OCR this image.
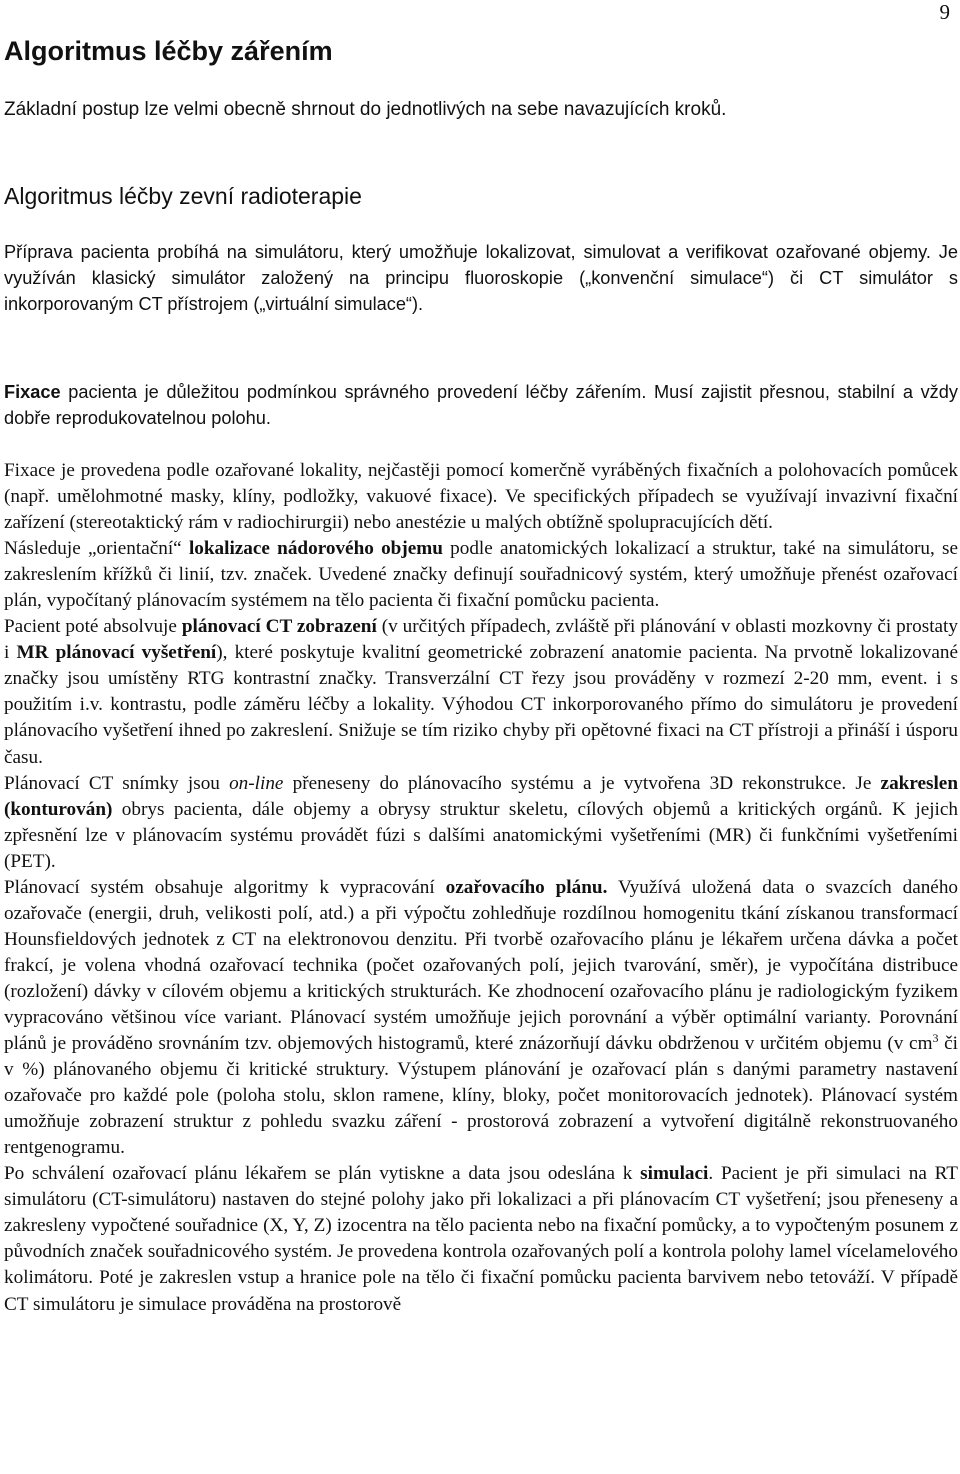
9
Algoritmus léčby zářením

Základní postup lze velmi obecně shrnout do jednotlivých na sebe navazujících kroků.

Algoritmus léčby zevní radioterapie

Příprava pacienta probíhá na simulátoru, který umožňuje lokalizovat, simulovat a verifikovat ozařované objemy. Je využíván klasický simulátor založený na principu fluoroskopie („konvenční simulace“) či CT simulátor s inkorporovaným CT přístrojem („virtuální simulace“).

Fixace pacienta je důležitou podmínkou správného provedení léčby zářením. Musí zajistit přesnou, stabilní a vždy dobře reprodukovatelnou polohu.

Fixace je provedena podle ozařované lokality, nejčastěji pomocí komerčně vyráběných fixačních a polohovacích pomůcek (např. umělohmotné masky, klíny, podložky, vakuové fixace). Ve specifických případech se využívají invazivní fixační zařízení (stereotaktický rám v radiochirurgii) nebo anestézie u malých obtížně spolupracujících dětí.

Následuje „orientační“ lokalizace nádorového objemu podle anatomických lokalizací a struktur, také na simulátoru, se zakreslením křížků či linií, tzv. značek. Uvedené značky definují souřadnicový systém, který umožňuje přenést ozařovací plán, vypočítaný plánovacím systémem na tělo pacienta či fixační pomůcku pacienta.

Pacient poté absolvuje plánovací CT zobrazení (v určitých případech, zvláště při plánování v oblasti mozkovny či prostaty i MR plánovací vyšetření), které poskytuje kvalitní geometrické zobrazení anatomie pacienta. Na prvotně lokalizované značky jsou umístěny RTG kontrastní značky. Transverzální CT řezy jsou prováděny v rozmezí 2-20 mm, event. i s použitím i.v. kontrastu, podle záměru léčby a lokality. Výhodou CT inkorporovaného přímo do simulátoru je provedení plánovacího vyšetření ihned po zakreslení. Snižuje se tím riziko chyby při opětovné fixaci na CT přístroji a přináší i úsporu času.

Plánovací CT snímky jsou on-line přeneseny do plánovacího systému a je vytvořena 3D rekonstrukce. Je zakreslen (konturován) obrys pacienta, dále objemy a obrysy struktur skeletu, cílových objemů a kritických orgánů. K jejich zpřesnění lze v plánovacím systému provádět fúzi s dalšími anatomickými vyšetřeními (MR) či funkčními vyšetřeními (PET).

Plánovací systém obsahuje algoritmy k vypracování ozařovacího plánu. Využívá uložená data o svazcích daného ozařovače (energii, druh, velikosti polí, atd.) a při výpočtu zohledňuje rozdílnou homogenitu tkání získanou transformací Hounsfieldových jednotek z CT na elektronovou denzitu. Při tvorbě ozařovacího plánu je lékařem určena dávka a počet frakcí, je volena vhodná ozařovací technika (počet ozařovaných polí, jejich tvarování, směr), je vypočítána distribuce (rozložení) dávky v cílovém objemu a kritických strukturách. Ke zhodnocení ozařovacího plánu je radiologickým fyzikem vypracováno většinou více variant. Plánovací systém umožňuje jejich porovnání a výběr optimální varianty. Porovnání plánů je prováděno srovnáním tzv. objemových histogramů, které znázorňují dávku obdrženou v určitém objemu (v $cm^3$ či v %) plánovaného objemu či kritické struktury. Výstupem plánování je ozařovací plán s danými parametry nastavení ozařovače pro každé pole (poloha stolu, sklon ramene, klíny, bloky, počet monitorovacích jednotek). Plánovací systém umožňuje zobrazení struktur z pohledu svazku záření - prostorová zobrazení a vytvoření digitálně rekonstruovaného rentgenogramu.

Po schválení ozařovací plánu lékařem se plán vytiskne a data jsou odeslána k simulaci. Pacient je při simulaci na RT simulátoru (CT-simulátoru) nastaven do stejné polohy jako při lokalizaci a při plánovacím CT vyšetření; jsou přeneseny a zakresleny vypočtené souřadnice (X, Y, Z) izocentra na tělo pacienta nebo na fixační pomůcky, a to vypočteným posunem z původních značek souřadnicového systém. Je provedena kontrola ozařovaných polí a kontrola polohy lamel vícelamelového kolimátoru. Poté je zakreslen vstup a hranice pole na tělo či fixační pomůcku pacienta barvivem nebo tetováží. V případě CT simulátoru je simulace prováděna na prostorově
